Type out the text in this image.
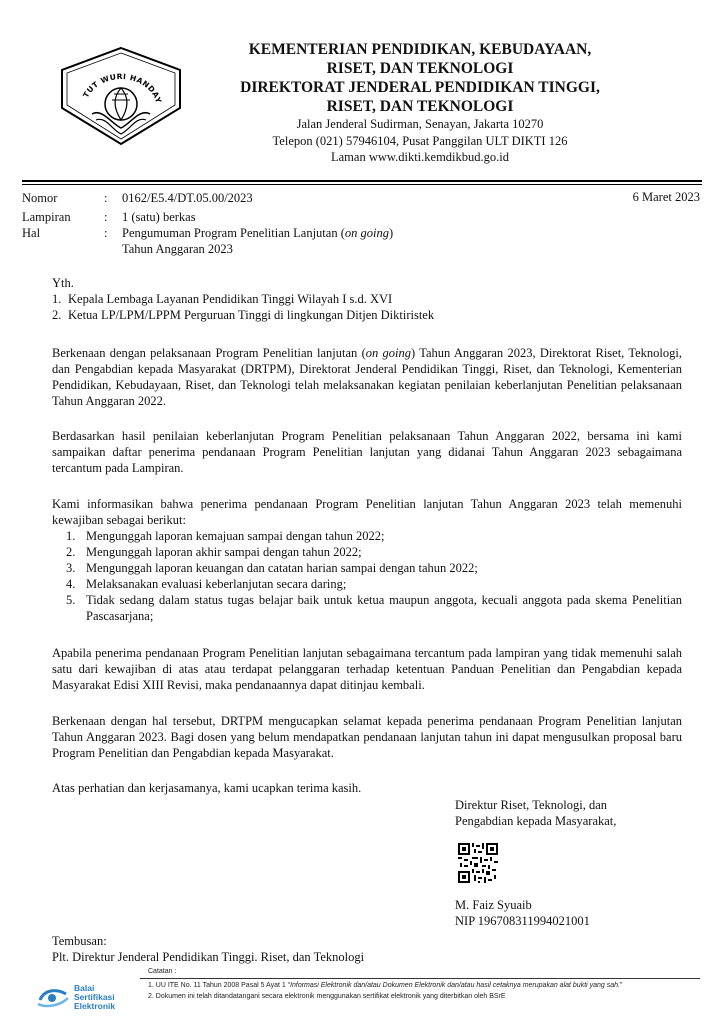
TUT WURI HANDAY

KEMENTERIAN PENDIDIKAN, KEBUDAYAAN,

RISET, DAN TEKNOLOGI

DIREKTORAT JENDERAL PENDIDIKAN TINGGI,

RISET, DAN TEKNOLOGI

Jalan Jenderal Sudirman, Senayan, Jakarta 10270

Telepon (021) 57946104, Pusat Panggilan ULT DIKTI 126

Laman www.dikti.kemdikbud.go.id

Nomor	:	0162/E5.4/DT.05.00/2023
Lampiran	:	1 (satu) berkas
Hal	:	Pengumuman Program Penelitian Lanjutan (on going)
Tahun Anggaran 2023
6 Maret 2023

Yth.

1. Kepala Lembaga Layanan Pendidikan Tinggi Wilayah I s.d. XVI
2. Ketua LP/LPM/LPPM Perguruan Tinggi di lingkungan Ditjen Diktiristek

Berkenaan dengan pelaksanaan Program Penelitian lanjutan (on going) Tahun Anggaran 2023, Direktorat Riset, Teknologi, dan Pengabdian kepada Masyarakat (DRTPM), Direktorat Jenderal Pendidikan Tinggi, Riset, dan Teknologi, Kementerian Pendidikan, Kebudayaan, Riset, dan Teknologi telah melaksanakan kegiatan penilaian keberlanjutan Penelitian pelaksanaan Tahun Anggaran 2022.

Berdasarkan hasil penilaian keberlanjutan Program Penelitian pelaksanaan Tahun Anggaran 2022, bersama ini kami sampaikan daftar penerima pendanaan Program Penelitian lanjutan yang didanai Tahun Anggaran 2023 sebagaimana tercantum pada Lampiran.

Kami informasikan bahwa penerima pendanaan Program Penelitian lanjutan Tahun Anggaran 2023 telah memenuhi kewajiban sebagai berikut:

1. Mengunggah laporan kemajuan sampai dengan tahun 2022;
2. Mengunggah laporan akhir sampai dengan tahun 2022;
3. Mengunggah laporan keuangan dan catatan harian sampai dengan tahun 2022;
4. Melaksanakan evaluasi keberlanjutan secara daring;
5. Tidak sedang dalam status tugas belajar baik untuk ketua maupun anggota, kecuali anggota pada skema Penelitian Pascasarjana;

Apabila penerima pendanaan Program Penelitian lanjutan sebagaimana tercantum pada lampiran yang tidak memenuhi salah satu dari kewajiban di atas atau terdapat pelanggaran terhadap ketentuan Panduan Penelitian dan Pengabdian kepada Masyarakat Edisi XIII Revisi, maka pendanaannya dapat ditinjau kembali.

Berkenaan dengan hal tersebut, DRTPM mengucapkan selamat kepada penerima pendanaan Program Penelitian lanjutan Tahun Anggaran 2023. Bagi dosen yang belum mendapatkan pendanaan lanjutan tahun ini dapat mengusulkan proposal baru Program Penelitian dan Pengabdian kepada Masyarakat.

Atas perhatian dan kerjasamanya, kami ucapkan terima kasih.

Direktur Riset, Teknologi, dan
Pengabdian kepada Masyarakat,
M. Faiz Syuaib
NIP 196708311994021001
Tembusan:
Plt. Direktur Jenderal Pendidikan Tinggi. Riset, dan Teknologi
Balai
Sertifikasi
Elektronik
Catatan :
1. UU ITE No. 11 Tahun 2008 Pasal 5 Ayat 1 “Informasi Elektronik dan/atau Dokumen Elektronik dan/atau hasil cetaknya merupakan alat bukti yang sah.”
2. Dokumen ini telah ditandatangani secara elektronik menggunakan sertifikat elektronik yang diterbitkan oleh BSrE
